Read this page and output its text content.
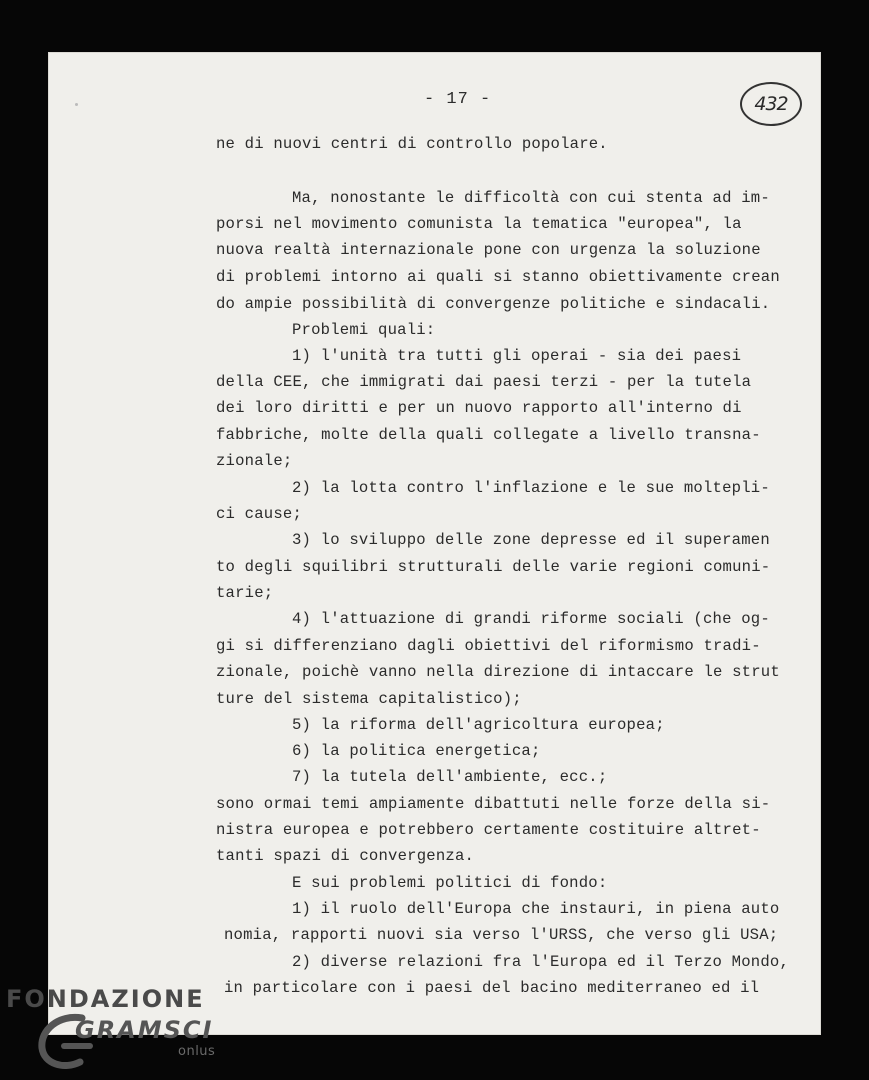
- 17 -	432
ne di nuovi centri di controllo popolare.
Ma, nonostante le difficoltà con cui stenta ad im-
porsi nel movimento comunista la tematica "europea", la
nuova realtà internazionale pone con urgenza la soluzione
di problemi intorno ai quali si stanno obiettivamente crean
do ampie possibilità di convergenze politiche e sindacali.
Problemi quali:
1) l'unità tra tutti gli operai - sia dei paesi
della CEE, che immigrati dai paesi terzi - per la tutela
dei loro diritti e per un nuovo rapporto all'interno di
fabbriche, molte della quali collegate a livello transna-
zionale;
2) la lotta contro l'inflazione e le sue moltepli-
ci cause;
3) lo sviluppo delle zone depresse ed il superamen
to degli squilibri strutturali delle varie regioni comuni-
tarie;
4) l'attuazione di grandi riforme sociali (che og-
gi si differenziano dagli obiettivi del riformismo tradi-
zionale, poichè vanno nella direzione di intaccare le strut
ture del sistema capitalistico);
5) la riforma dell'agricoltura europea;
6) la politica energetica;
7) la tutela dell'ambiente, ecc.;
sono ormai temi ampiamente dibattuti nelle forze della si-
nistra europea e potrebbero certamente costituire altret-
tanti spazi di convergenza.
E sui problemi politici di fondo:
1) il ruolo dell'Europa che instauri, in piena auto
nomia, rapporti nuovi sia verso l'URSS, che verso gli USA;
2) diverse relazioni fra l'Europa ed il Terzo Mondo,
in particolare con i paesi del bacino mediterraneo ed il
FONDAZIONE
GRAMSCI
onlus
